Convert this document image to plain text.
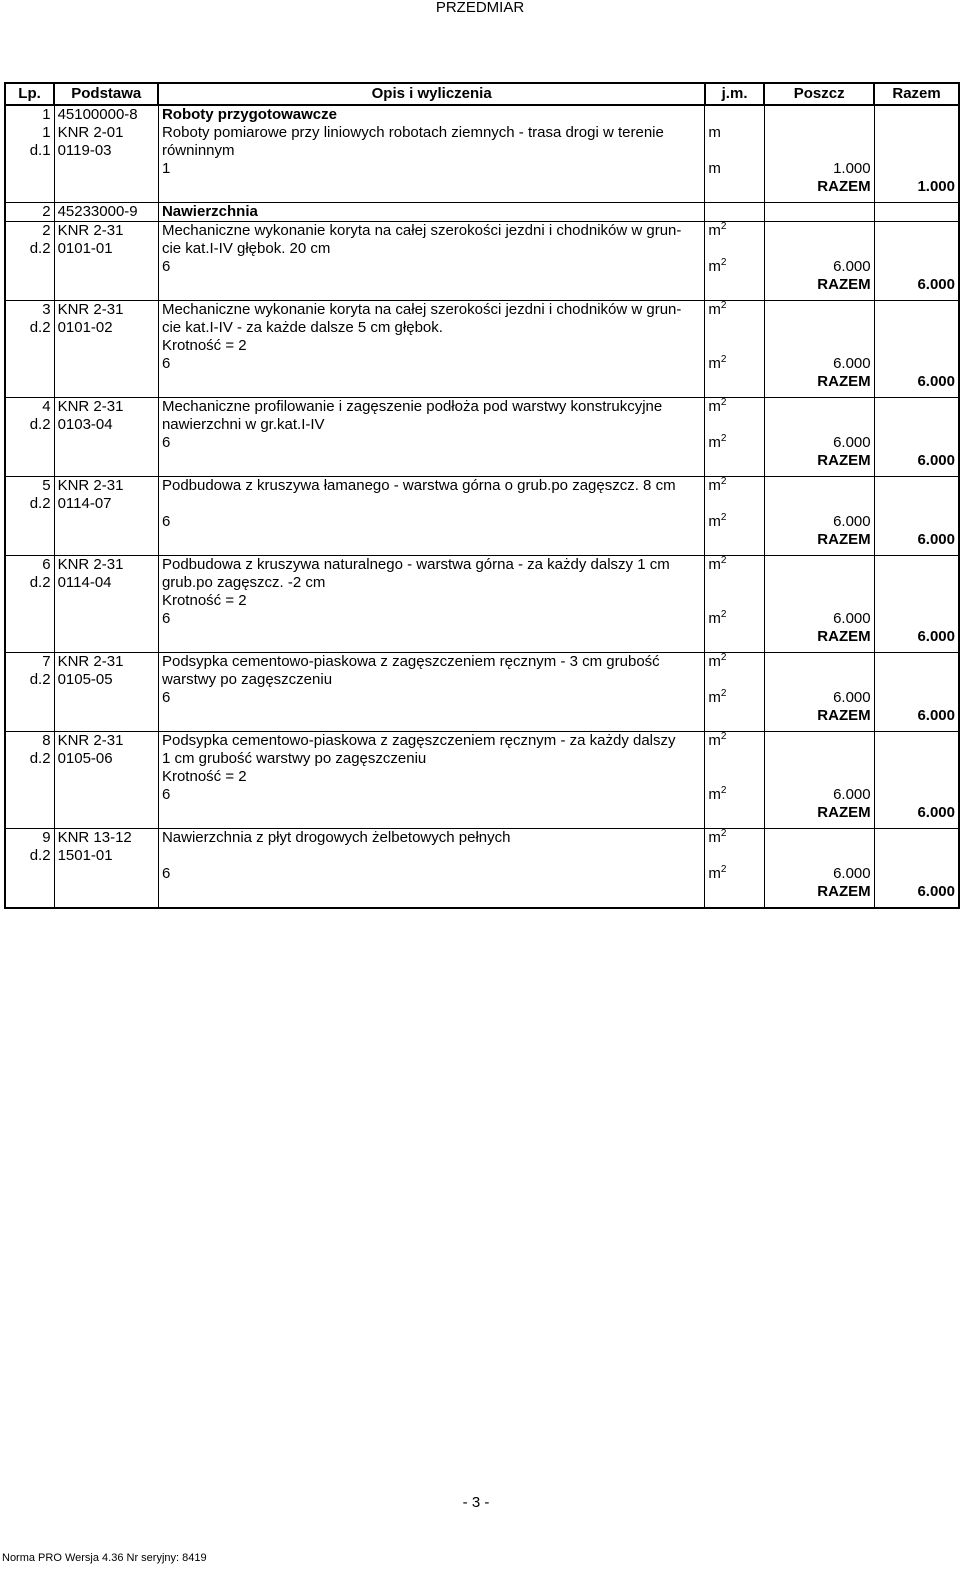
PRZEDMIAR
Lp.	Podstawa	Opis i wyliczenia	j.m.	Poszcz	Razem
1	45100000-8	Roboty przygotowawcze			
1	KNR 2-01	Roboty pomiarowe przy liniowych robotach ziemnych - trasa drogi w terenie	m		
d.1	0119-03	równinnym			
		1	m	1.000	
				RAZEM	1.000

2	45233000-9	Nawierzchnia			
2	KNR 2-31	Mechaniczne wykonanie koryta na całej szerokości jezdni i chodników w grun-	$m^2$		
d.2	0101-01	cie kat.I-IV głębok. 20 cm			
		6	$m^2$	6.000	
				RAZEM	6.000

3	KNR 2-31	Mechaniczne wykonanie koryta na całej szerokości jezdni i chodników w grun-	$m^2$		
d.2	0101-02	cie kat.I-IV - za każde dalsze 5 cm głębok.			
		Krotność = 2			
		6	$m^2$	6.000	
				RAZEM	6.000

4	KNR 2-31	Mechaniczne profilowanie i zagęszenie podłoża pod warstwy konstrukcyjne	$m^2$		
d.2	0103-04	nawierzchni w gr.kat.I-IV			
		6	$m^2$	6.000	
				RAZEM	6.000

5	KNR 2-31	Podbudowa z kruszywa łamanego - warstwa górna o grub.po zagęszcz. 8 cm	$m^2$		
d.2	0114-07				
		6	$m^2$	6.000	
				RAZEM	6.000

6	KNR 2-31	Podbudowa z kruszywa naturalnego - warstwa górna - za każdy dalszy 1 cm	$m^2$		
d.2	0114-04	grub.po zagęszcz. -2 cm			
		Krotność = 2			
		6	$m^2$	6.000	
				RAZEM	6.000

7	KNR 2-31	Podsypka cementowo-piaskowa z zagęszczeniem ręcznym - 3 cm grubość	$m^2$		
d.2	0105-05	warstwy po zagęszczeniu			
		6	$m^2$	6.000	
				RAZEM	6.000

8	KNR 2-31	Podsypka cementowo-piaskowa z zagęszczeniem ręcznym - za każdy dalszy	$m^2$		
d.2	0105-06	1 cm grubość warstwy po zagęszczeniu			
		Krotność = 2			
		6	$m^2$	6.000	
				RAZEM	6.000

9	KNR 13-12	Nawierzchnia z płyt drogowych żelbetowych pełnych	$m^2$		
d.2	1501-01				
		6	$m^2$	6.000	
				RAZEM	6.000

- 3 -
Norma PRO Wersja 4.36 Nr seryjny: 8419
